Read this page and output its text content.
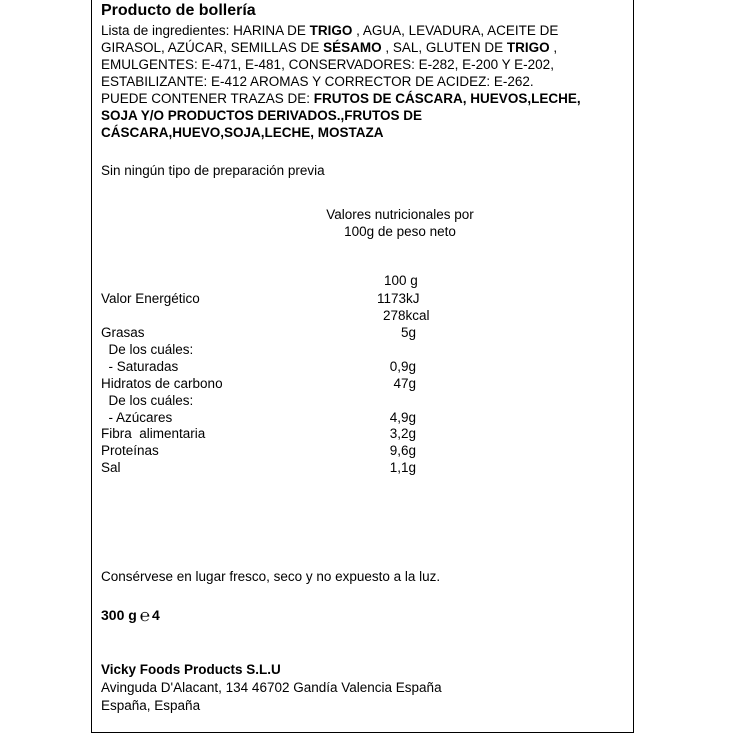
Producto de bollería
Lista de ingredientes: HARINA DE TRIGO , AGUA, LEVADURA, ACEITE DE
GIRASOL, AZÚCAR, SEMILLAS DE SÉSAMO , SAL, GLUTEN DE TRIGO ,
EMULGENTES: E-471, E-481, CONSERVADORES: E-282, E-200 Y E-202,
ESTABILIZANTE: E-412 AROMAS Y CORRECTOR DE ACIDEZ: E-262.
PUEDE CONTENER TRAZAS DE: FRUTOS DE CÁSCARA, HUEVOS,LECHE,
SOJA Y/O PRODUCTOS DERIVADOS.,FRUTOS DE
CÁSCARA,HUEVO,SOJA,LECHE, MOSTAZA
Sin ningún tipo de preparación previa
Valores nutricionales por
100g de peso neto
100 g
Valor Energético	1173kJ
278kcal
Grasas	5g
De los cuáles:
- Saturadas	0,9g
Hidratos de carbono	47g
De los cuáles:
- Azúcares	4,9g
Fibra  alimentaria	3,2g
Proteínas	9,6g
Sal	1,1g
Consérvese en lugar fresco, seco y no expuesto a la luz.
300 g ℮ 4
Vicky Foods Products S.L.U
Avinguda D'Alacant, 134 46702 Gandía Valencia España
España, España
